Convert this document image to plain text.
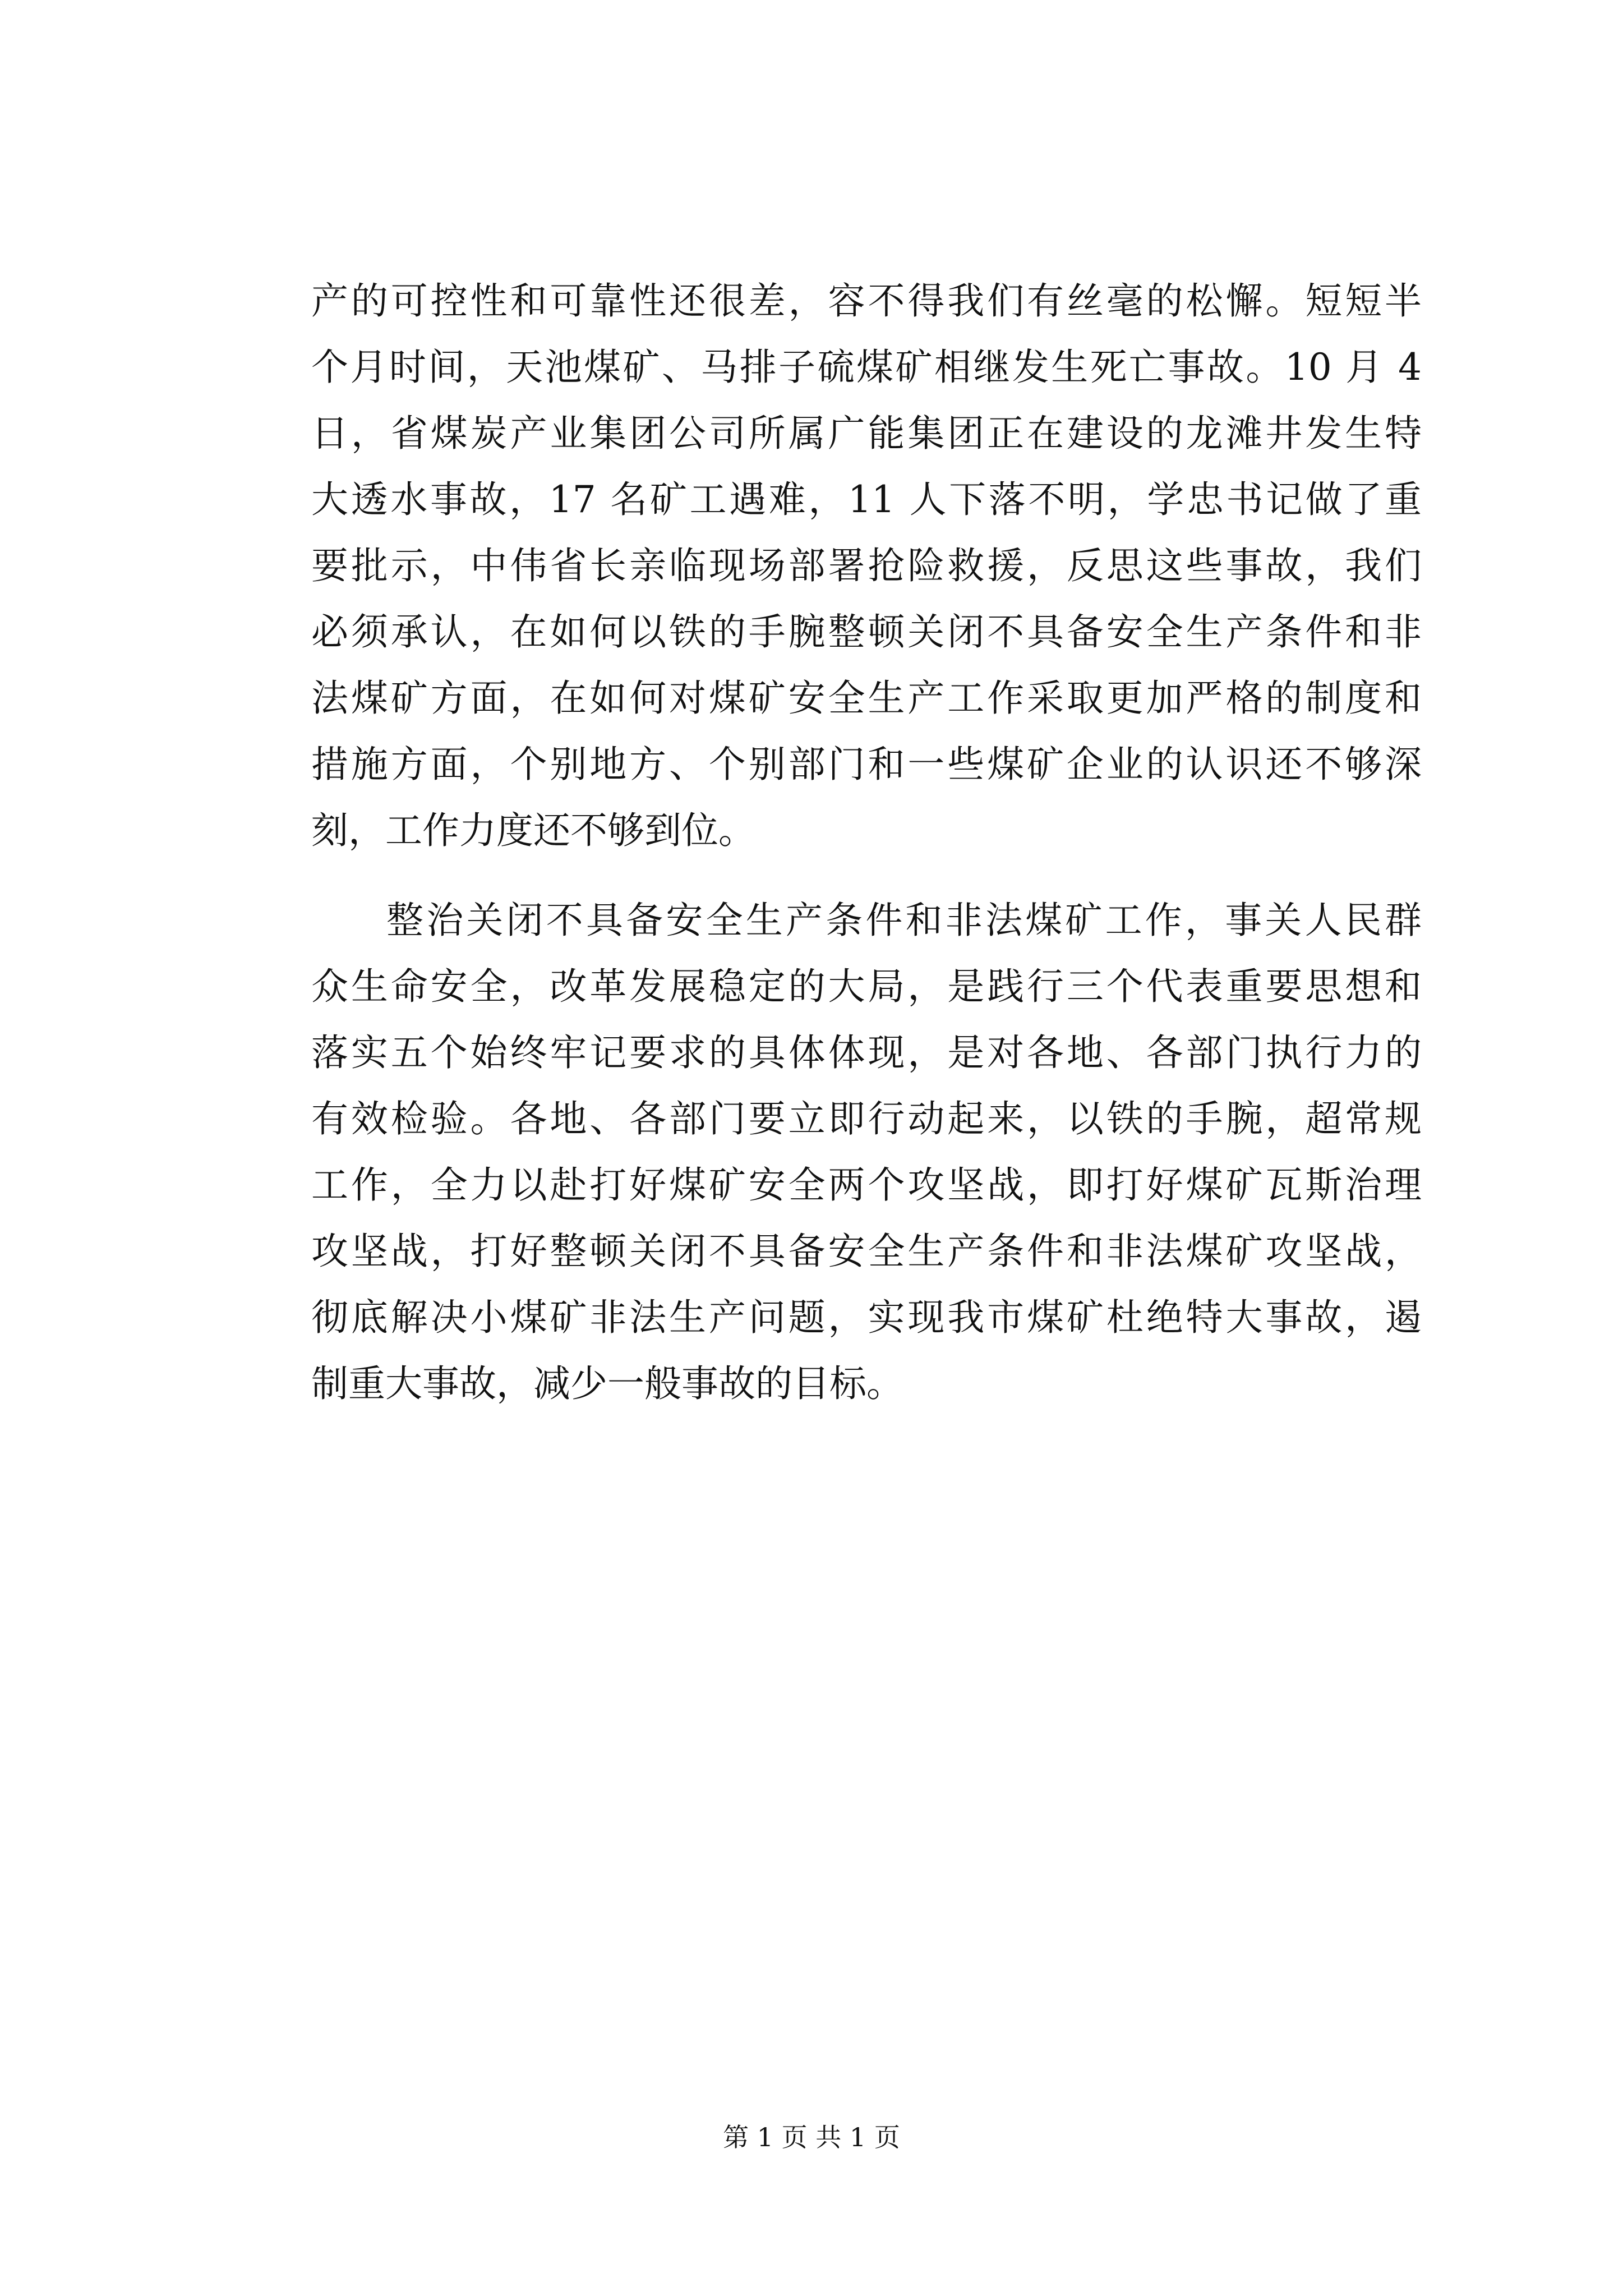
产的可控性和可靠性还很差，容不得我们有丝毫的松懈。短短半
个月时间，天池煤矿、马排子硫煤矿相继发生死亡事故。10 月 4
日，省煤炭产业集团公司所属广能集团正在建设的龙滩井发生特
大透水事故，17 名矿工遇难，11 人下落不明，学忠书记做了重
要批示，中伟省长亲临现场部署抢险救援，反思这些事故，我们
必须承认，在如何以铁的手腕整顿关闭不具备安全生产条件和非
法煤矿方面，在如何对煤矿安全生产工作采取更加严格的制度和
措施方面，个别地方、个别部门和一些煤矿企业的认识还不够深
刻，工作力度还不够到位。
整治关闭不具备安全生产条件和非法煤矿工作，事关人民群
众生命安全，改革发展稳定的大局，是践行三个代表重要思想和
落实五个始终牢记要求的具体体现，是对各地、各部门执行力的
有效检验。各地、各部门要立即行动起来，以铁的手腕，超常规
工作，全力以赴打好煤矿安全两个攻坚战，即打好煤矿瓦斯治理
攻坚战，打好整顿关闭不具备安全生产条件和非法煤矿攻坚战，
彻底解决小煤矿非法生产问题，实现我市煤矿杜绝特大事故，遏
制重大事故，减少一般事故的目标。
第 1 页 共 1 页
